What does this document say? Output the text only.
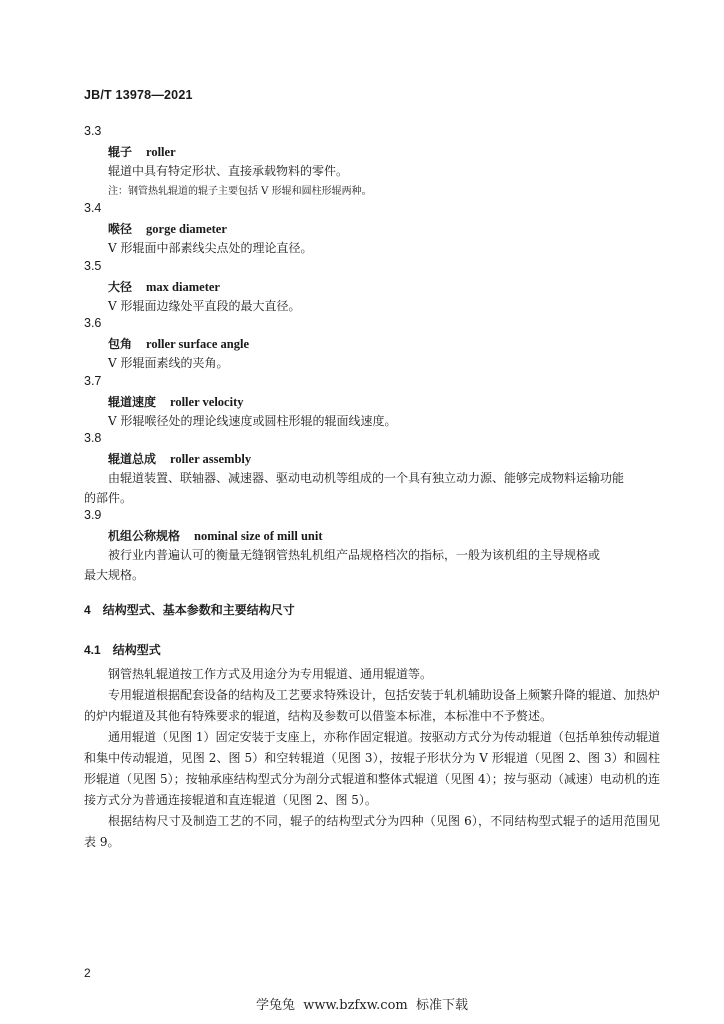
JB/T 13978—2021
3.3
辊子 roller
辊道中具有特定形状、直接承载物料的零件。
注：钢管热轧辊道的辊子主要包括 V 形辊和圆柱形辊两种。
3.4
喉径 gorge diameter
V 形辊面中部素线尖点处的理论直径。
3.5
大径 max diameter
V 形辊面边缘处平直段的最大直径。
3.6
包角 roller surface angle
V 形辊面素线的夹角。
3.7
辊道速度 roller velocity
V 形辊喉径处的理论线速度或圆柱形辊的辊面线速度。
3.8
辊道总成 roller assembly
由辊道装置、联轴器、减速器、驱动电动机等组成的一个具有独立动力源、能够完成物料运输功能
的部件。
3.9
机组公称规格 nominal size of mill unit
被行业内普遍认可的衡量无缝钢管热轧机组产品规格档次的指标，一般为该机组的主导规格或
最大规格。
4 结构型式、基本参数和主要结构尺寸
4.1 结构型式

钢管热轧辊道按工作方式及用途分为专用辊道、通用辊道等。

专用辊道根据配套设备的结构及工艺要求特殊设计，包括安装于轧机辅助设备上频繁升降的辊道、加热炉的炉内辊道及其他有特殊要求的辊道，结构及参数可以借鉴本标准，本标准中不予赘述。

通用辊道（见图 1）固定安装于支座上，亦称作固定辊道。按驱动方式分为传动辊道（包括单独传动辊道和集中传动辊道，见图 2、图 5）和空转辊道（见图 3），按辊子形状分为 V 形辊道（见图 2、图 3）和圆柱形辊道（见图 5）；按轴承座结构型式分为剖分式辊道和整体式辊道（见图 4）；按与驱动（减速）电动机的连接方式分为普通连接辊道和直连辊道（见图 2、图 5）。

根据结构尺寸及制造工艺的不同，辊子的结构型式分为四种（见图 6），不同结构型式辊子的适用范围见表 9。

2
学兔兔  www.bzfxw.com  标准下载
